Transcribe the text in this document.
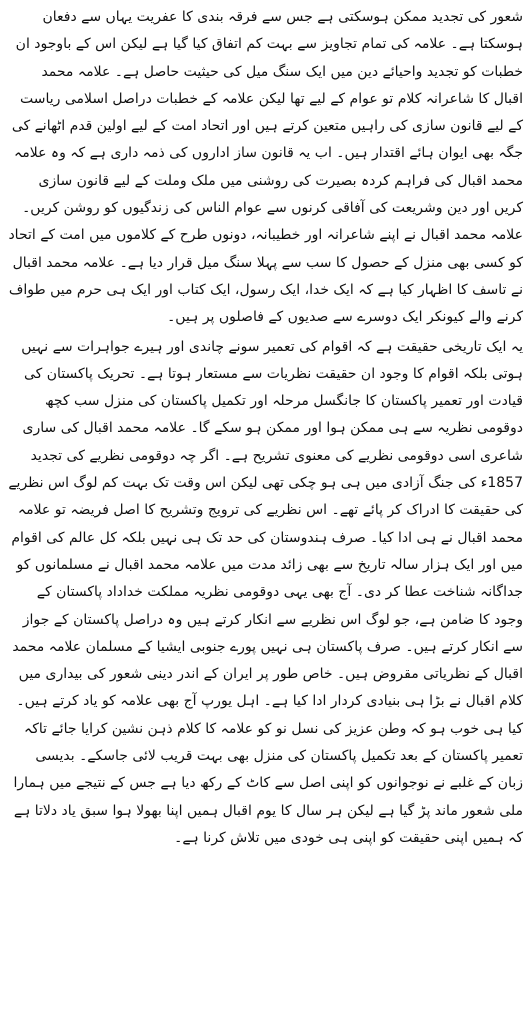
شعور کی تجدید ممکن ہوسکتی ہے جس سے فرقہ بندی کا عفریت یہاں سے دفعان ہوسکتا ہے۔ علامہ کی تمام تجاویز سے بہت کم اتفاق کیا گیا ہے لیکن اس کے باوجود ان خطبات کو تجدید واحیائے دین میں ایک سنگ میل کی حیثیت حاصل ہے۔ علامہ محمد اقبال کا شاعرانہ کلام تو عوام کے لیے تھا لیکن علامہ کے خطبات دراصل اسلامی ریاست کے لیے قانون سازی کی راہیں متعین کرتے ہیں اور اتحاد امت کے لیے اولین قدم اٹھانے کی جگہ بھی ایوان ہائے اقتدار ہیں۔ اب یہ قانون ساز اداروں کی ذمہ داری ہے کہ وہ علامہ محمد اقبال کی فراہم کردہ بصیرت کی روشنی میں ملک وملت کے لیے قانون سازی کریں اور دین وشریعت کی آفاقی کرنوں سے عوام الناس کی زندگیوں کو روشن کریں۔ علامہ محمد اقبال نے اپنے شاعرانہ اور خطیبانہ، دونوں طرح کے کلاموں میں امت کے اتحاد کو کسی بھی منزل کے حصول کا سب سے پہلا سنگ میل قرار دیا ہے۔ علامہ محمد اقبال نے تاسف کا اظہار کیا ہے کہ ایک خدا، ایک رسول، ایک کتاب اور ایک ہی حرم میں طواف کرنے والے کیونکر ایک دوسرے سے صدیوں کے فاصلوں پر ہیں۔

یہ ایک تاریخی حقیقت ہے کہ اقوام کی تعمیر سونے چاندی اور ہیرے جواہرات سے نہیں ہوتی بلکہ اقوام کا وجود ان حقیقت نظریات سے مستعار ہوتا ہے۔ تحریک پاکستان کی قیادت اور تعمیر پاکستان کا جانگسل مرحلہ اور تکمیل پاکستان کی منزل سب کچھ دوقومی نظریہ سے ہی ممکن ہوا اور ممکن ہو سکے گا۔ علامہ محمد اقبال کی ساری شاعری اسی دوقومی نظریے کی معنوی تشریح ہے۔ اگر چہ دوقومی نظریے کی تجدید 1857ء کی جنگ آزادی میں ہی ہو چکی تھی لیکن اس وقت تک بہت کم لوگ اس نظریے کی حقیقت کا ادراک کر پائے تھے۔ اس نظریے کی ترویج وتشریح کا اصل فریضہ تو علامہ محمد اقبال نے ہی ادا کیا۔ صرف ہندوستان کی حد تک ہی نہیں بلکہ کل عالم کی اقوام میں اور ایک ہزار سالہ تاریخ سے بھی زائد مدت میں علامہ محمد اقبال نے مسلمانوں کو جداگانہ شناخت عطا کر دی۔ آج بھی یہی دوقومی نظریہ مملکت خداداد پاکستان کے وجود کا ضامن ہے، جو لوگ اس نظریے سے انکار کرتے ہیں وہ دراصل پاکستان کے جواز سے انکار کرتے ہیں۔ صرف پاکستان ہی نہیں پورے جنوبی ایشیا کے مسلمان علامہ محمد اقبال کے نظریاتی مقروض ہیں۔ خاص طور پر ایران کے اندر دینی شعور کی بیداری میں کلام اقبال نے بڑا ہی بنیادی کردار ادا کیا ہے۔ اہل یورپ آج بھی علامہ کو یاد کرتے ہیں۔ کیا ہی خوب ہو کہ وطن عزیز کی نسل نو کو علامہ کا کلام ذہن نشین کرایا جائے تاکہ تعمیر پاکستان کے بعد تکمیل پاکستان کی منزل بھی بہت قریب لائی جاسکے۔ بدیسی زبان کے غلبے نے نوجوانوں کو اپنی اصل سے کاٹ کے رکھ دیا ہے جس کے نتیجے میں ہمارا ملی شعور ماند پڑ گیا ہے لیکن ہر سال کا یوم اقبال ہمیں اپنا بھولا ہوا سبق یاد دلاتا ہے کہ ہمیں اپنی حقیقت کو اپنی ہی خودی میں تلاش کرنا ہے۔
